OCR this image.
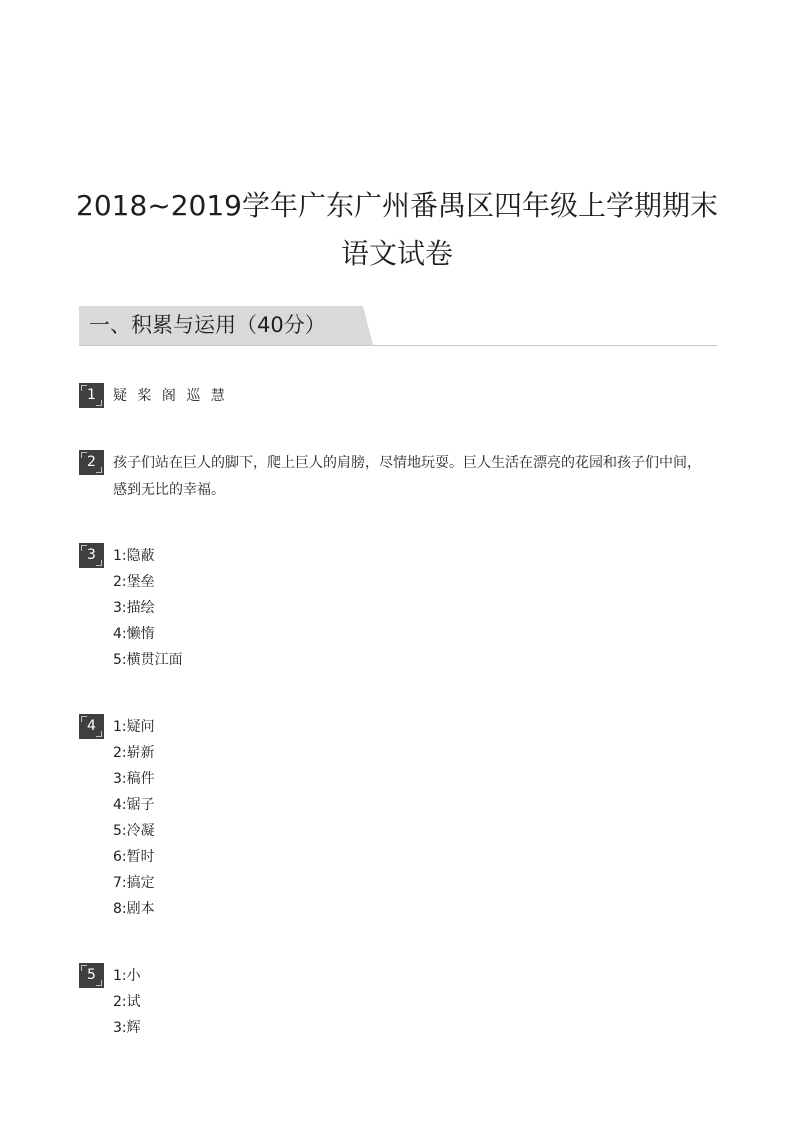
2018~2019学年广东广州番禺区四年级上学期期末
语文试卷
一、积累与运用（40分）
1	疑 桨 阁 巡 慧
2	孩子们站在巨人的脚下，爬上巨人的肩膀，尽情地玩耍。巨人生活在漂亮的花园和孩子们中间，感到无比的幸福。
3	1:隐蔽
2:堡垒
3:描绘
4:懒惰
5:横贯江面
4	1:疑问
2:崭新
3:稿件
4:锯子
5:冷凝
6:暂时
7:搞定
8:剧本
5	1:小
2:试
3:辉
